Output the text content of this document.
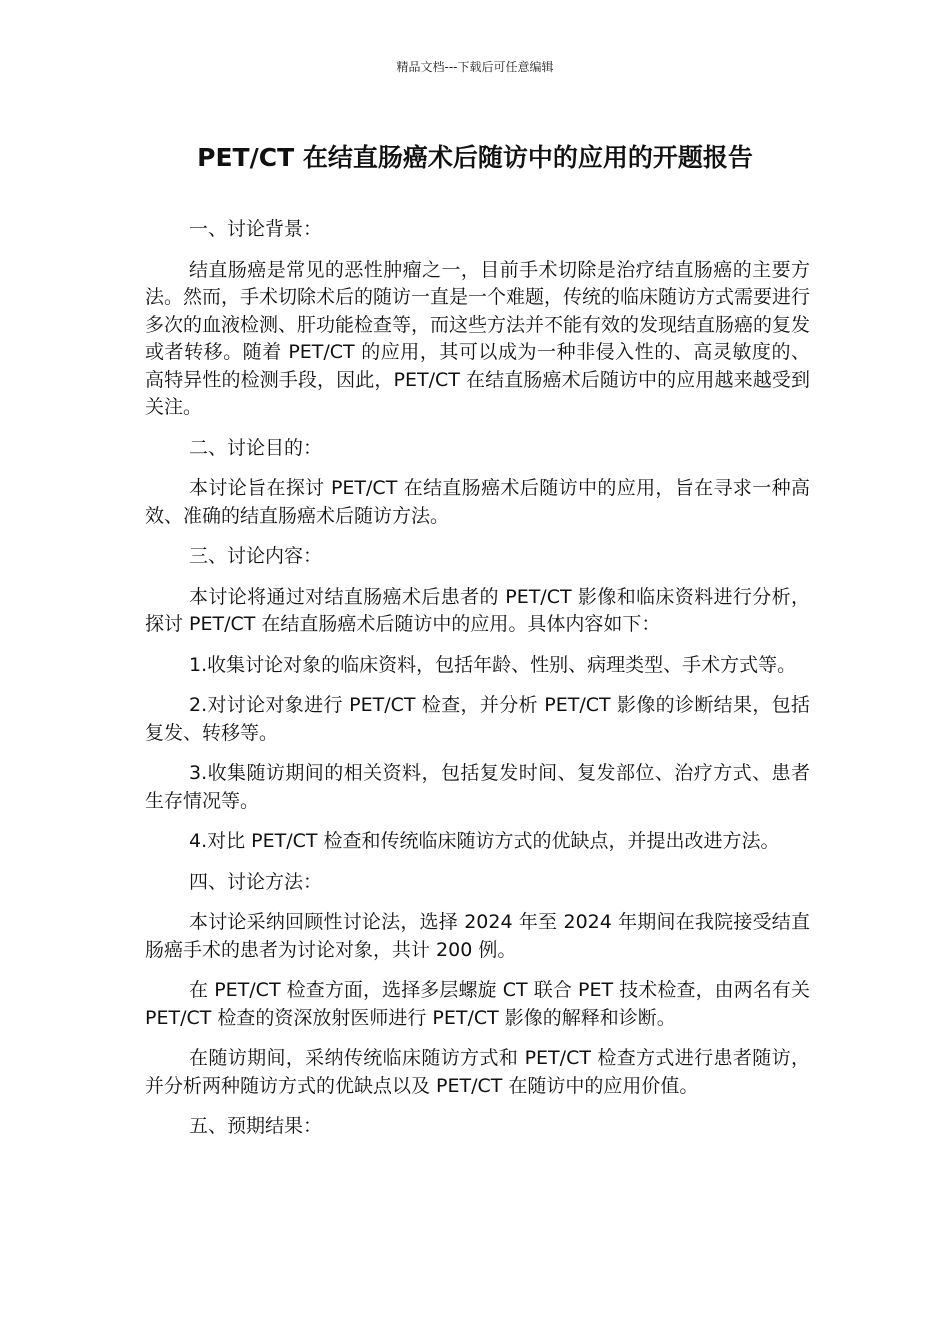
精品文档---下载后可任意编辑
PET/CT 在结直肠癌术后随访中的应用的开题报告

一、讨论背景：

结直肠癌是常见的恶性肿瘤之一，目前手术切除是治疗结直肠癌的主要方法。然而，手术切除术后的随访一直是一个难题，传统的临床随访方式需要进行多次的血液检测、肝功能检查等，而这些方法并不能有效的发现结直肠癌的复发或者转移。随着 PET/CT 的应用，其可以成为一种非侵入性的、高灵敏度的、高特异性的检测手段，因此，PET/CT 在结直肠癌术后随访中的应用越来越受到关注。

二、讨论目的：

本讨论旨在探讨 PET/CT 在结直肠癌术后随访中的应用，旨在寻求一种高效、准确的结直肠癌术后随访方法。

三、讨论内容：

本讨论将通过对结直肠癌术后患者的 PET/CT 影像和临床资料进行分析，探讨 PET/CT 在结直肠癌术后随访中的应用。具体内容如下：

1.收集讨论对象的临床资料，包括年龄、性别、病理类型、手术方式等。

2.对讨论对象进行 PET/CT 检查，并分析 PET/CT 影像的诊断结果，包括复发、转移等。

3.收集随访期间的相关资料，包括复发时间、复发部位、治疗方式、患者生存情况等。

4.对比 PET/CT 检查和传统临床随访方式的优缺点，并提出改进方法。

四、讨论方法：

本讨论采纳回顾性讨论法，选择 2024 年至 2024 年期间在我院接受结直肠癌手术的患者为讨论对象，共计 200 例。

在 PET/CT 检查方面，选择多层螺旋 CT 联合 PET 技术检查，由两名有关 PET/CT 检查的资深放射医师进行 PET/CT 影像的解释和诊断。

在随访期间，采纳传统临床随访方式和 PET/CT 检查方式进行患者随访，并分析两种随访方式的优缺点以及 PET/CT 在随访中的应用价值。

五、预期结果：
